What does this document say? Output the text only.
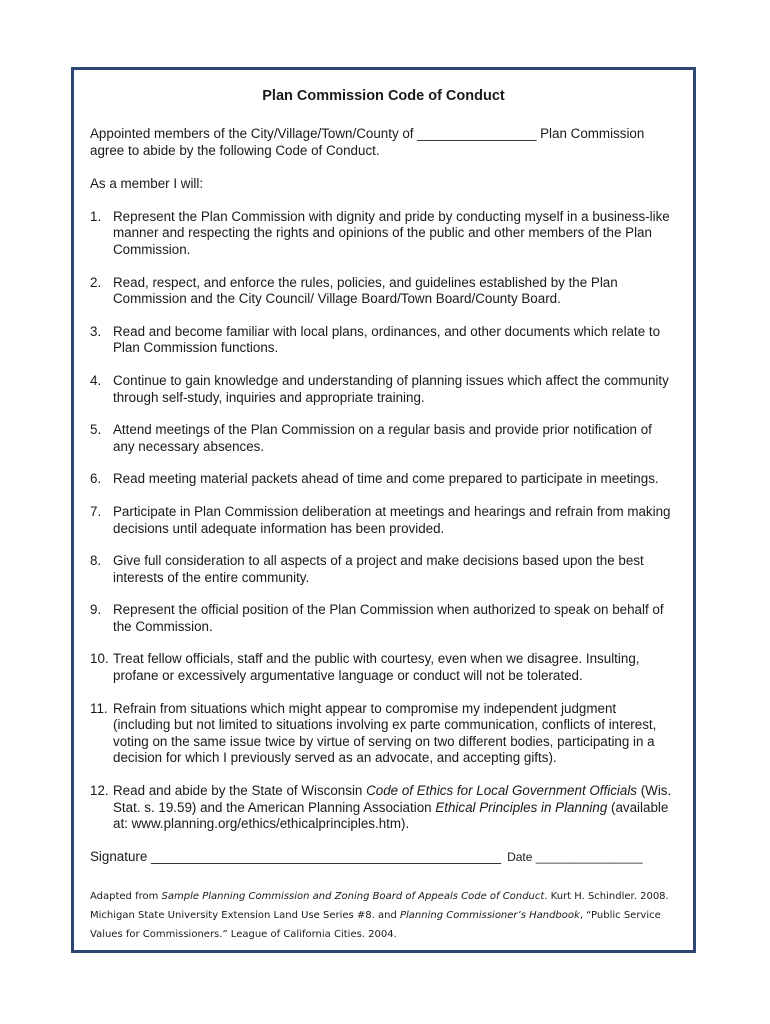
Plan Commission Code of Conduct

Appointed members of the City/Village/Town/County of ________________ Plan Commission agree to abide by the following Code of Conduct.

As a member I will:

1. Represent the Plan Commission with dignity and pride by conducting myself in a business-like manner and respecting the rights and opinions of the public and other members of the Plan Commission.
2. Read, respect, and enforce the rules, policies, and guidelines established by the Plan Commission and the City Council/ Village Board/Town Board/County Board.
3. Read and become familiar with local plans, ordinances, and other documents which relate to Plan Commission functions.
4. Continue to gain knowledge and understanding of planning issues which affect the community through self-study, inquiries and appropriate training.
5. Attend meetings of the Plan Commission on a regular basis and provide prior notification of any necessary absences.
6. Read meeting material packets ahead of time and come prepared to participate in meetings.
7. Participate in Plan Commission deliberation at meetings and hearings and refrain from making decisions until adequate information has been provided.
8. Give full consideration to all aspects of a project and make decisions based upon the best interests of the entire community.
9. Represent the official position of the Plan Commission when authorized to speak on behalf of the Commission.
10. Treat fellow officials, staff and the public with courtesy, even when we disagree. Insulting, profane or excessively argumentative language or conduct will not be tolerated.
11. Refrain from situations which might appear to compromise my independent judgment (including but not limited to situations involving ex parte communication, conflicts of interest, voting on the same issue twice by virtue of serving on two different bodies, participating in a decision for which I previously served as an advocate, and accepting gifts).
12. Read and abide by the State of Wisconsin Code of Ethics for Local Government Officials (Wis. Stat. s. 19.59) and the American Planning Association Ethical Principles in Planning (available at: www.planning.org/ethics/ethicalprinciples.htm).
Signature _______________________________________________ Date ________________
Adapted from Sample Planning Commission and Zoning Board of Appeals Code of Conduct. Kurt H. Schindler. 2008. Michigan State University Extension Land Use Series #8. and Planning Commissioner’s Handbook, “Public Service Values for Commissioners.” League of California Cities. 2004.
